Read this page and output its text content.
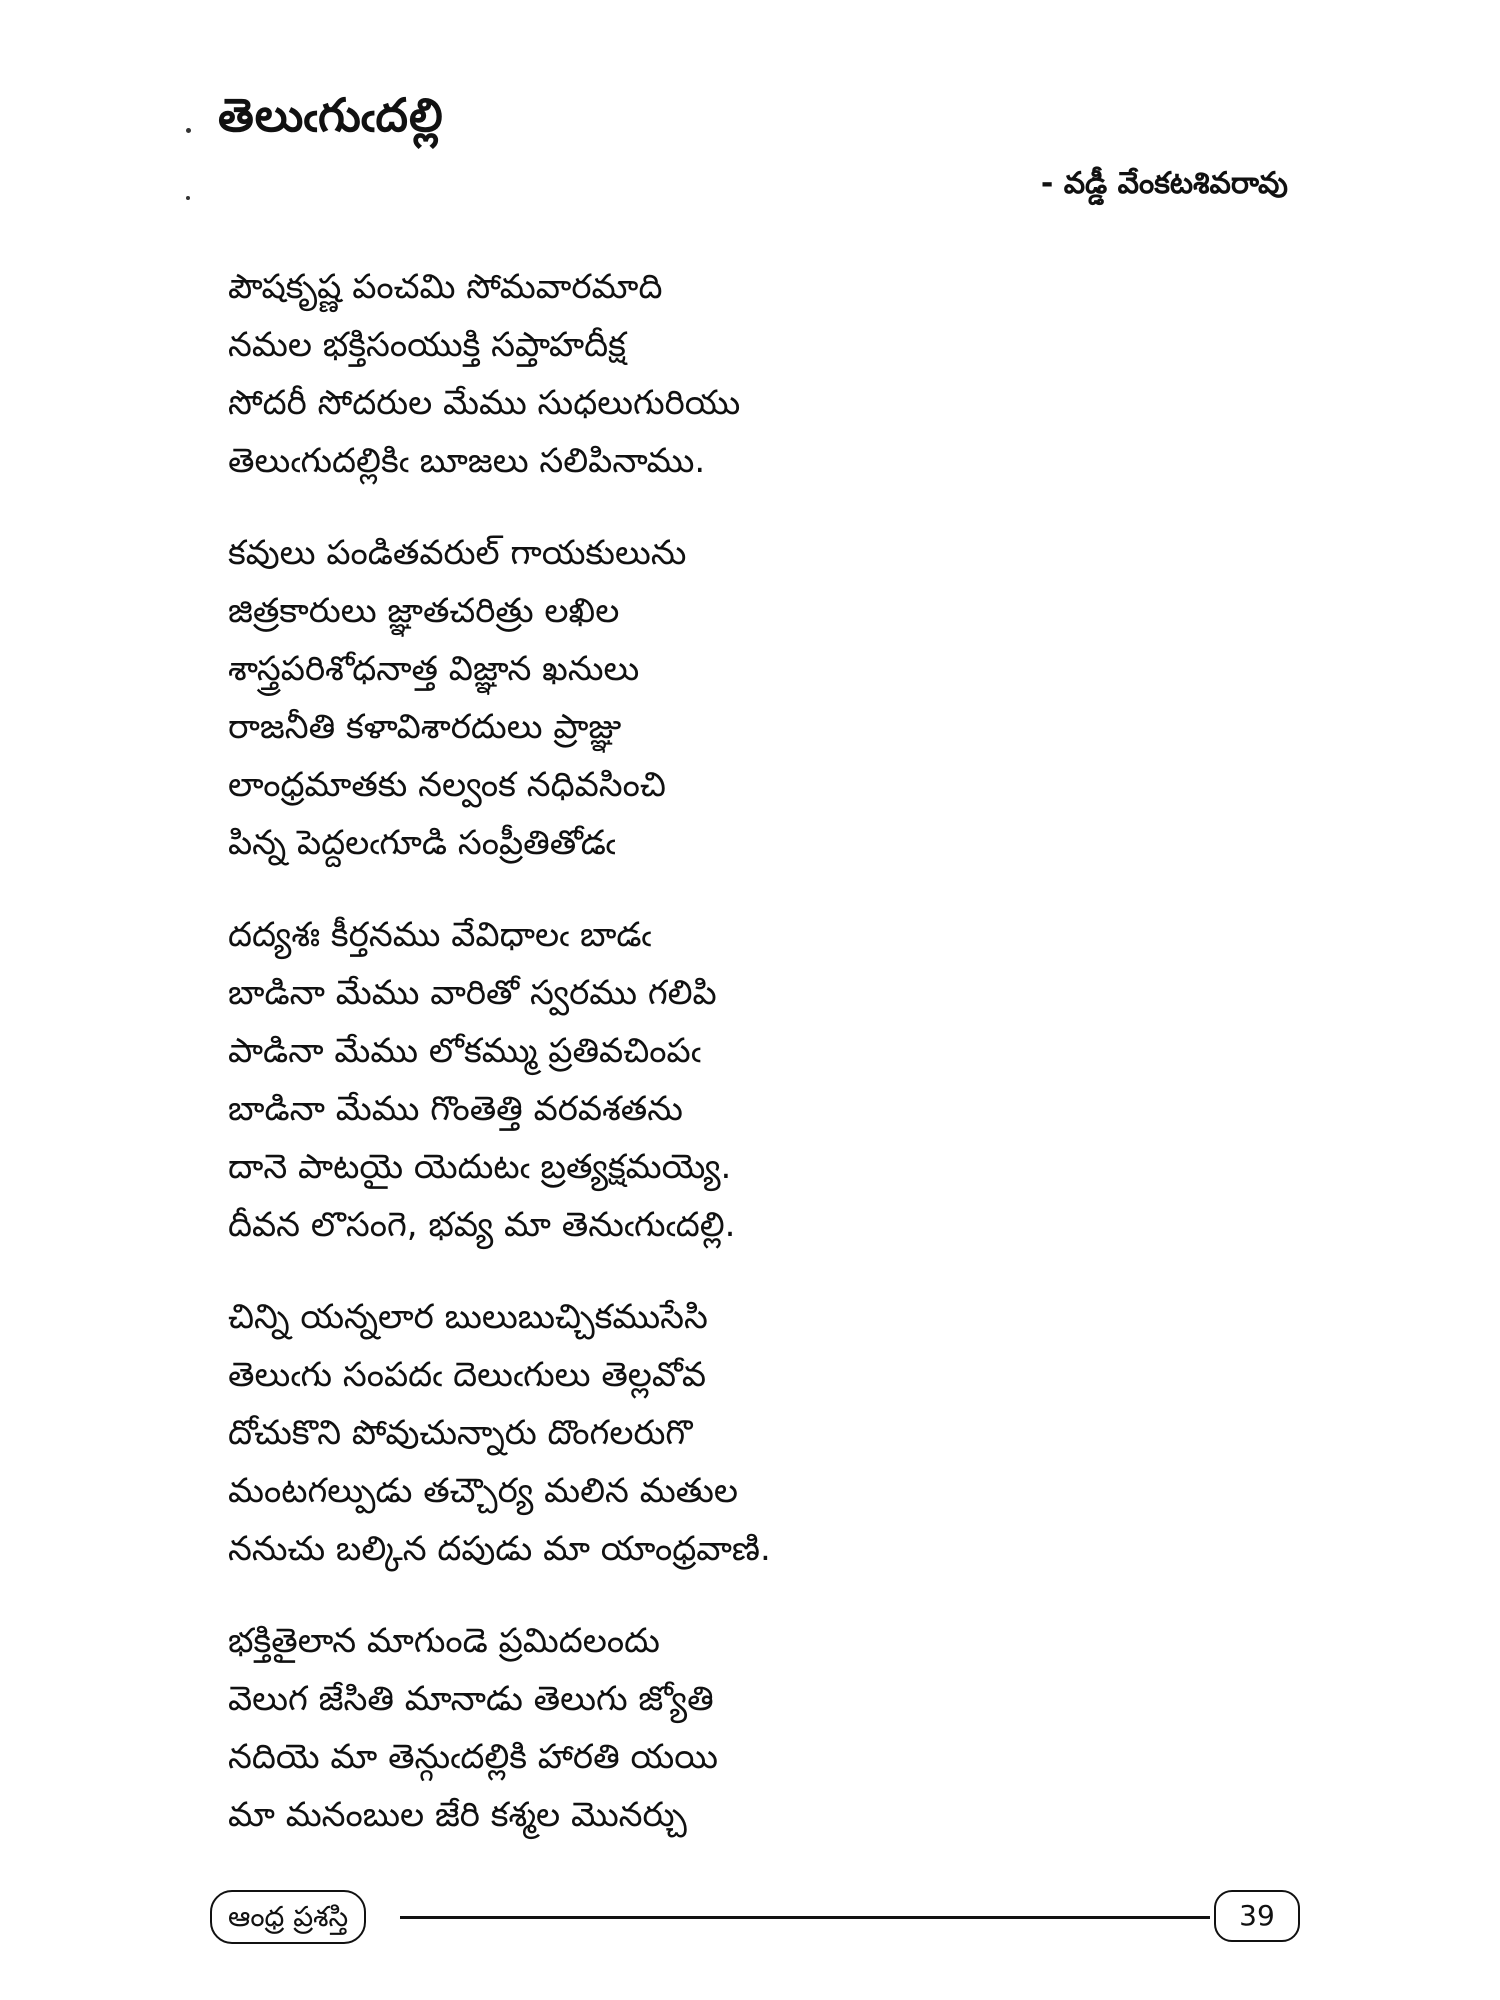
తెలుఁగుఁదల్లి

- వడ్డీ వేంకటశివరావు

పౌషకృష్ణ పంచమి సోమవారమాది

నమల భక్తిసంయుక్తి సప్తాహదీక్ష

సోదరీ సోదరుల మేము సుధలుగురియు

తెలుఁగుదల్లికిఁ బూజలు సలిపినాము.

కవులు పండితవరుల్ గాయకులును

జిత్రకారులు జ్ఞాతచరిత్రు లఖిల

శాస్త్రపరిశోధనాత్త విజ్ఞాన ఖనులు

రాజనీతి కళావిశారదులు ప్రాజ్ఞు

లాంధ్రమాతకు నల్వంక నధివసించి

పిన్న పెద్దలఁగూడి సంప్రీతితోడఁ

దద్యశః కీర్తనము వేవిధాలఁ బాడఁ

బాడినా మేము వారితో స్వరము గలిపి

పాడినా మేము లోకమ్ము ప్రతివచింపఁ

బాడినా మేము గొంతెత్తి వరవశతను

దానె పాటయై యెదుటఁ బ్రత్యక్షమయ్యె.

దీవన లొసంగె, భవ్య మా తెనుఁగుఁదల్లి.

చిన్ని యన్నలార బులుబుచ్చికముసేసి

తెలుఁగు సంపదఁ దెలుఁగులు తెల్లవోవ

దోచుకొని పోవుచున్నారు దొంగలరుగొ

మంటగల్పుడు తచ్చౌర్య మలిన మతుల

ననుచు బల్కిన దపుడు మా యాంధ్రవాణి.

భక్తితైలాన మాగుండె ప్రమిదలందు

వెలుగ జేసితి మానాడు తెలుగు జ్యోతి

నదియె మా తెన్గుఁదల్లికి హారతి యయి

మా మనంబుల జేరి కశ్మల మొనర్చు

ఆంధ్ర ప్రశస్తి	39
